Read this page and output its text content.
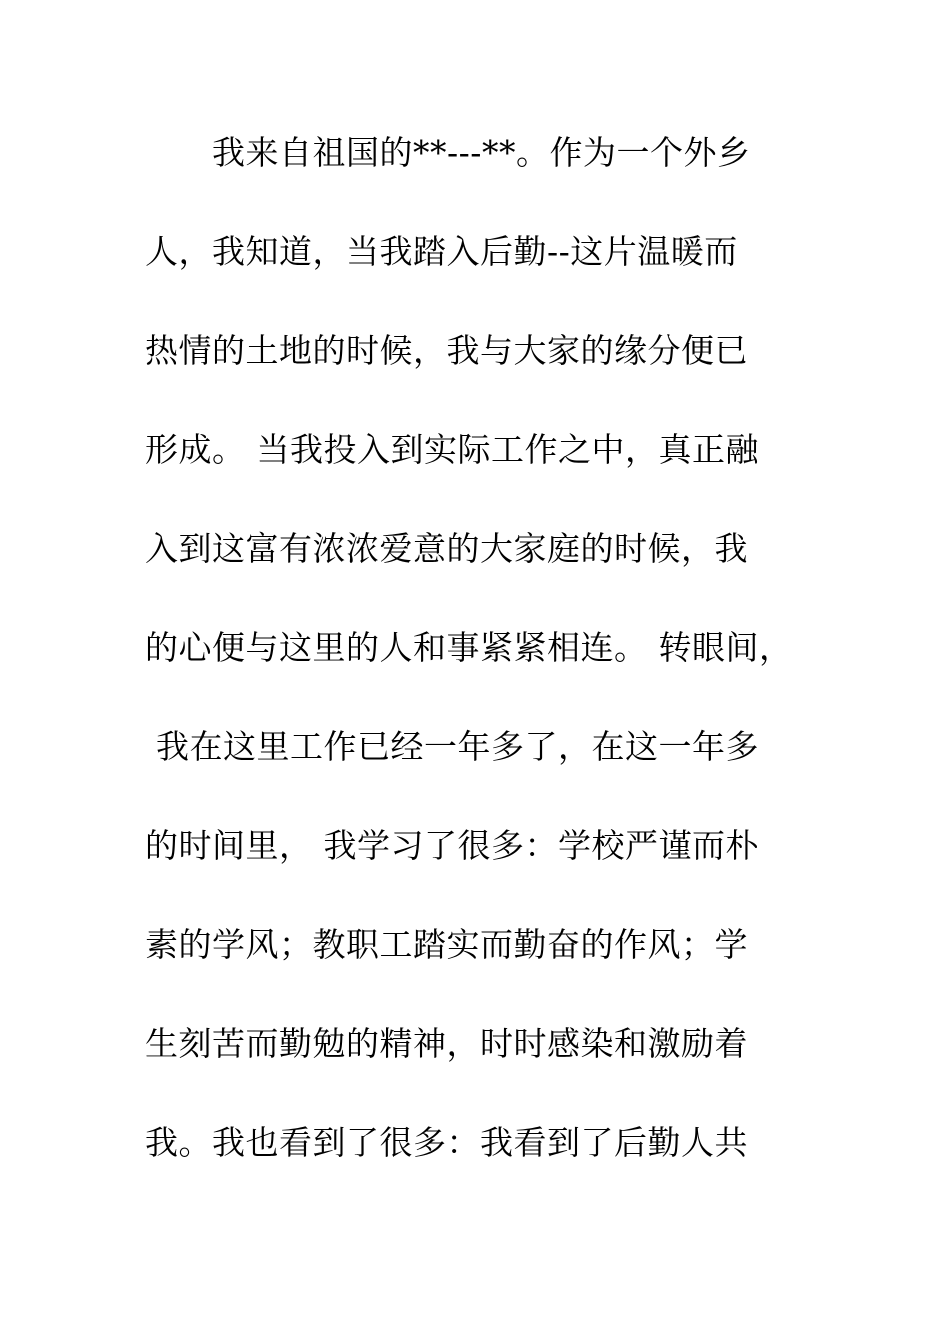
　　我来自祖国的**---**。作为一个外乡
人，我知道，当我踏入后勤--这片温暖而
热情的土地的时候，我与大家的缘分便已
形成。 当我投入到实际工作之中，真正融
入到这富有浓浓爱意的大家庭的时候，我
的心便与这里的人和事紧紧相连。 转眼间，
我在这里工作已经一年多了，在这一年多
的时间里， 我学习了很多：学校严谨而朴
素的学风；教职工踏实而勤奋的作风；学
生刻苦而勤勉的精神，时时感染和激励着
我。我也看到了很多：我看到了后勤人共
